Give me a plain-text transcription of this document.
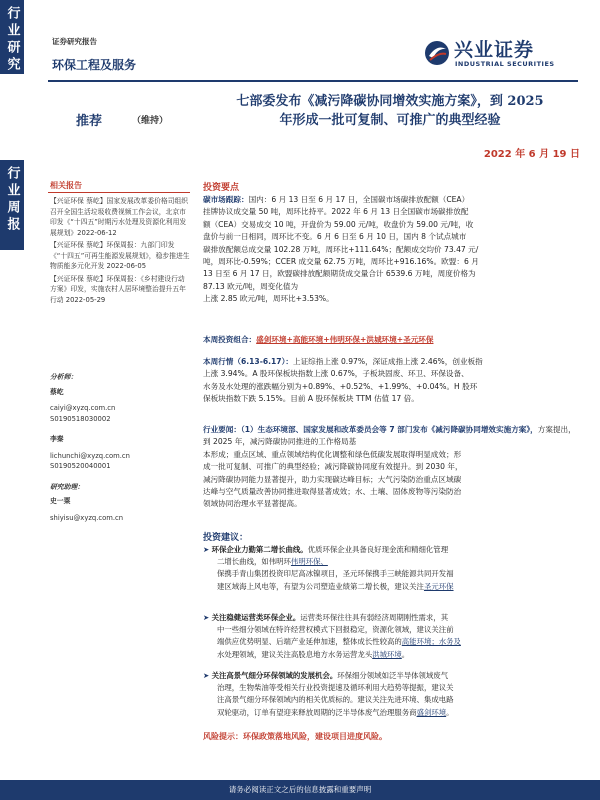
行业研究
行业周报
证券研究报告
环保工程及服务
兴业证券
INDUSTRIAL SECURITIES
推荐	（维持）
七部委发布《减污降碳协同增效实施方案》，到 2025
年形成一批可复制、可推广的典型经验
2022 年 6 月 19 日
相关报告
【兴证环保 蔡屹】国家发展改革委价格司组织召开全国生活垃圾收费视频工作会议，北京市印发《“十四五”时期污水处理及资源化利用发展规划》2022-06-12
【兴证环保 蔡屹】环保周报：九部门印发《“十四五”可再生能源发展规划》，稳步推进生物质能多元化开发 2022-06-05
【兴证环保 蔡屹】环保周报：《乡村建设行动方案》印发，实施农村人居环境整治提升五年行动 2022-05-29
分析师：
蔡屹
caiyi@xyzq.com.cn
S0190518030002
李秦
lichunchi@xyzq.com.cn
S0190520040001
研究助理：
史一粟
shiyisu@xyzq.com.cn
投资要点
碳市场跟踪：国内：6 月 13 日至 6 月 17 日，全国碳市场碳排放配额（CEA）
挂牌协议成交量 50 吨，周环比持平。2022 年 6 月 13 日全国碳市场碳排放配
额（CEA）交易成交 10 吨，开盘价为 59.00 元/吨，收盘价为 59.00 元/吨，收
盘价与前一日相同，周环比不变。6 月 6 日至 6 月 10 日，国内 8 个试点城市
碳排放配额总成交量 102.28 万吨，周环比+111.64%；配额成交均价 73.47 元/
吨，周环比-0.59%；CCER 成交量 62.75 万吨，周环比+916.16%。欧盟：6 月
13 日至 6 月 17 日，欧盟碳排放配额期货成交量合计 6539.6 万吨，周度价格为
87.13 欧元/吨，周变化值为
上涨 2.85 欧元/吨，周环比+3.53%。
本周投资组合：盛剑环境+高能环境+伟明环保+洪城环境+圣元环保
本周行情（6.13-6.17）：上证综指上涨 0.97%，深证成指上涨 2.46%，创业板指
上涨 3.94%。A 股环保板块指数上涨 0.67%，子板块固废、环卫、环保设备、
水务及水处理的涨跌幅分别为+0.89%、+0.52%、+1.99%、+0.04%。H 股环
保板块指数下跌 5.15%。目前 A 股环保板块 TTM 估值 17 倍。
行业要闻：（1）生态环境部、国家发展和改革委员会等 7 部门发布《减污降碳协同增效实施方案》，方案提出，到 2025 年，减污降碳协同推进的工作格局基
本形成；重点区域、重点领域结构优化调整和绿色低碳发展取得明显成效；形
成一批可复制、可推广的典型经验；减污降碳协同度有效提升。到 2030 年，
减污降碳协同能力显著提升，助力实现碳达峰目标；大气污染防治重点区域碳
达峰与空气质量改善协同推进取得显著成效；水、土壤、固体废物等污染防治
领域协同治理水平显著提高。
投资建议：
➤ 环保企业力勤第二增长曲线。优质环保企业具备良好现金流和精细化管理
二增长曲线，如伟明环伟明环保、
保携手青山集团投资印尼高冰镍项目，圣元环保携手三峡能源共同开发福
建区域海上风电等，有望为公司塑造业绩第二增长极，建议关注圣元环保
➤ 关注稳健运营类环保企业。运营类环保往往具有弱经济周期刚性需求，其
中一些细分领域在特许经营权模式下回报稳定，资源化领域，建议关注前
端供应优势明显、后端产业延伸加速，整体成长性较高的高能环境；水务及
水处理领域，建议关注高股息地方水务运营龙头洪城环境。
➤ 关注高景气细分环保领域的发展机会。环保细分领域如泛半导体领域废气
治理，生物柴油等受相关行业投资提速及循环利用大趋势等提振，建议关
注高景气细分环保领域内的相关优质标的。建议关注先进环境、集成电路
双轮驱动，订单有望迎来释放周期的泛半导体废气治理服务商盛剑环境。
风险提示：环保政策落地风险，建设项目进度风险。
请务必阅读正文之后的信息披露和重要声明
